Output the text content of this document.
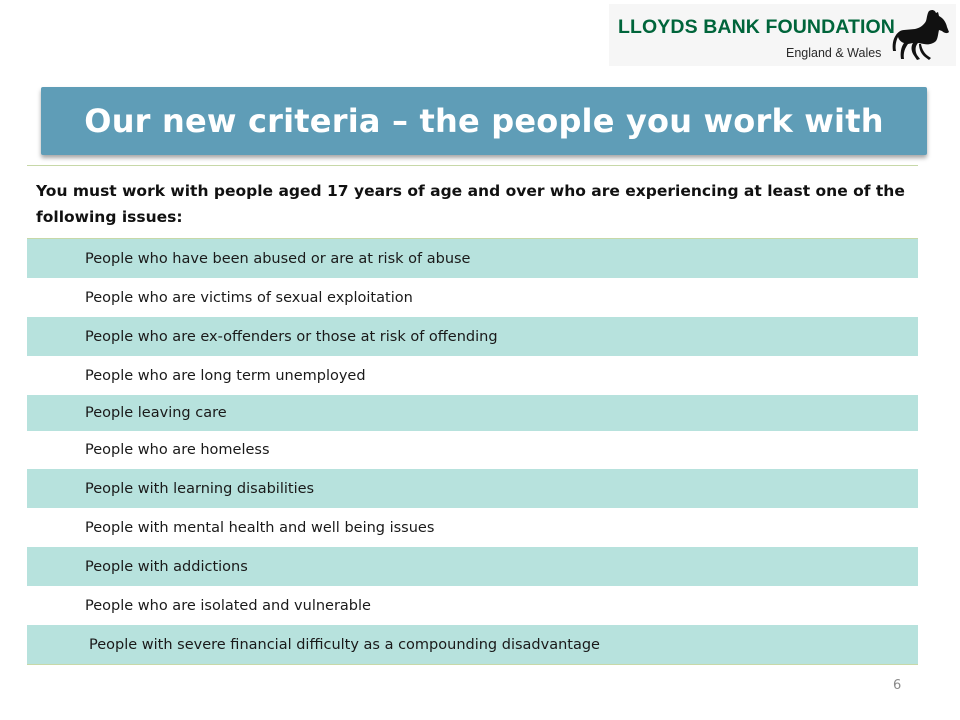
LLOYDS BANK FOUNDATION
England & Wales
Our new criteria – the people you work with
You must work with people aged 17 years of age and over who are experiencing at least one of the following issues:
People who have been abused or are at risk of abuse
People who are victims of sexual exploitation
People who are ex-offenders or those at risk of offending
People who are long term unemployed
People leaving care
People who are homeless
People with learning disabilities
People with mental health and well being issues
People with addictions
People who are isolated and vulnerable
People with severe financial difficulty as a compounding disadvantage
6
